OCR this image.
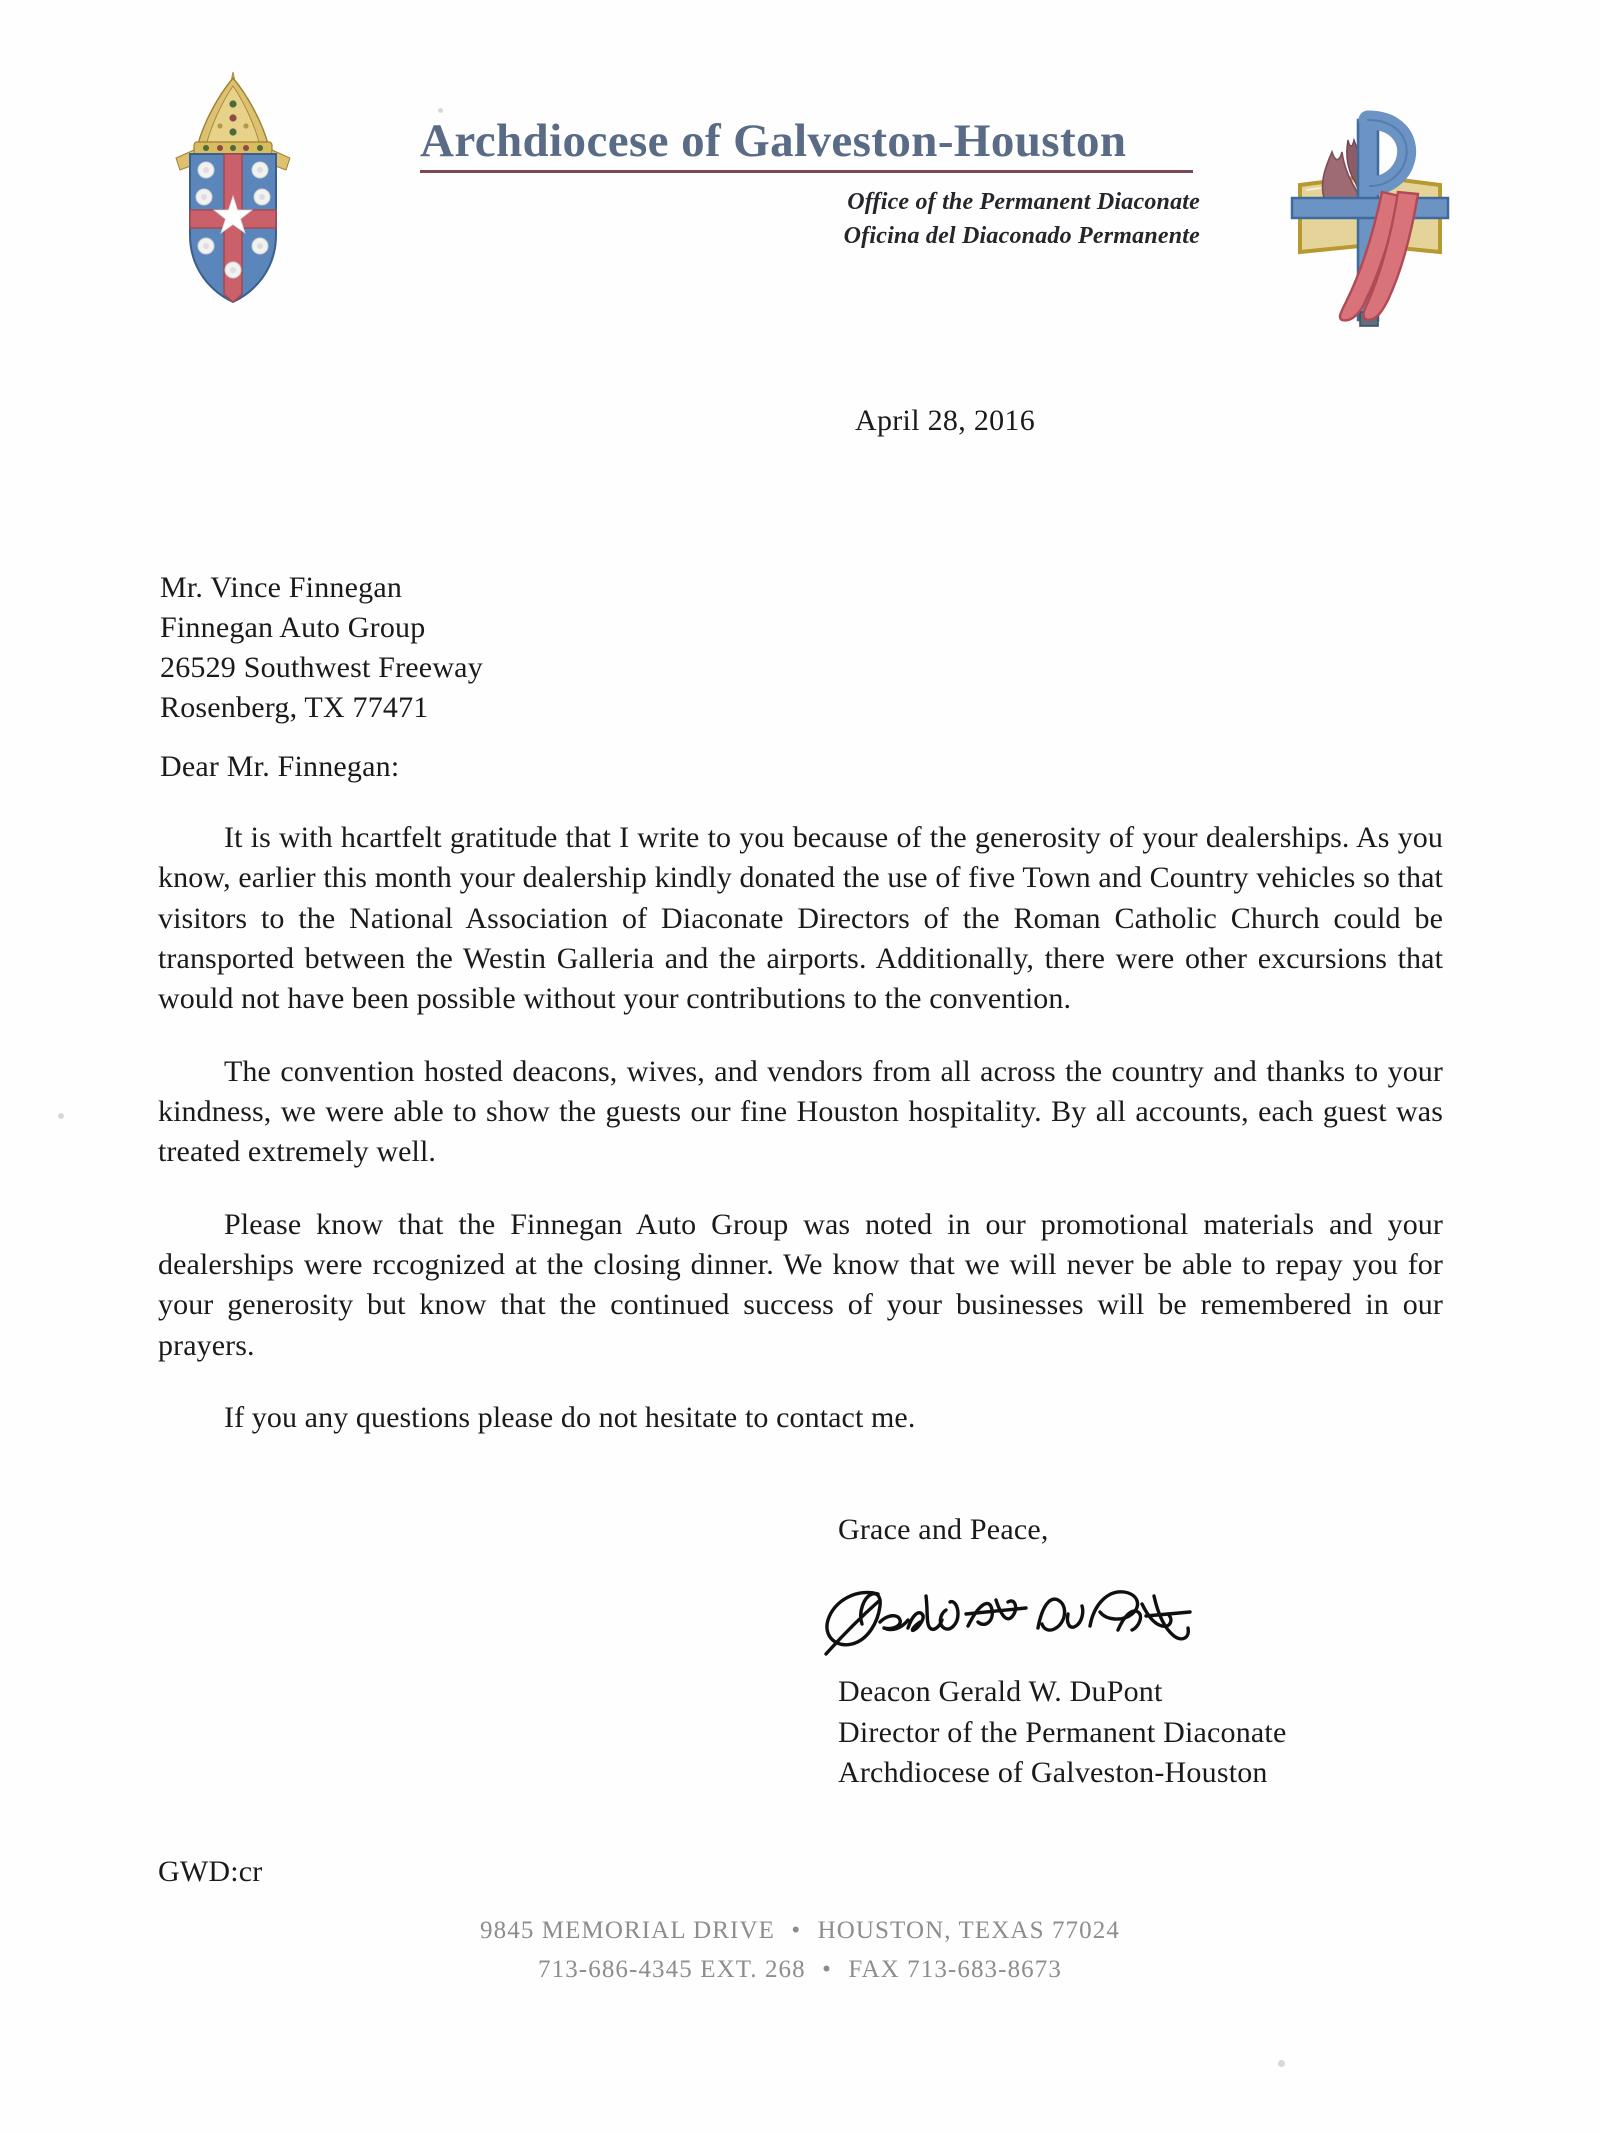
Archdiocese of Galveston-Houston
Office of the Permanent Diaconate
Oficina del Diaconado Permanente
April 28, 2016
Mr. Vince Finnegan
Finnegan Auto Group
26529 Southwest Freeway
Rosenberg, TX 77471
Dear Mr. Finnegan:

It is with hcartfelt gratitude that I write to you because of the generosity of your dealerships. As you know, earlier this month your dealership kindly donated the use of five Town and Country vehicles so that visitors to the National Association of Diaconate Directors of the Roman Catholic Church could be transported between the Westin Galleria and the airports. Additionally, there were other excursions that would not have been possible without your contributions to the convention.

The convention hosted deacons, wives, and vendors from all across the country and thanks to your kindness, we were able to show the guests our fine Houston hospitality. By all accounts, each guest was treated extremely well.

Please know that the Finnegan Auto Group was noted in our promotional materials and your dealerships were rccognized at the closing dinner. We know that we will never be able to repay you for your generosity but know that the continued success of your businesses will be remembered in our prayers.

If you any questions please do not hesitate to contact me.

Grace and Peace,
Deacon Gerald W. DuPont
Director of the Permanent Diaconate
Archdiocese of Galveston-Houston
GWD:cr
9845 MEMORIAL DRIVE • HOUSTON, TEXAS 77024
713-686-4345 EXT. 268 • FAX 713-683-8673
